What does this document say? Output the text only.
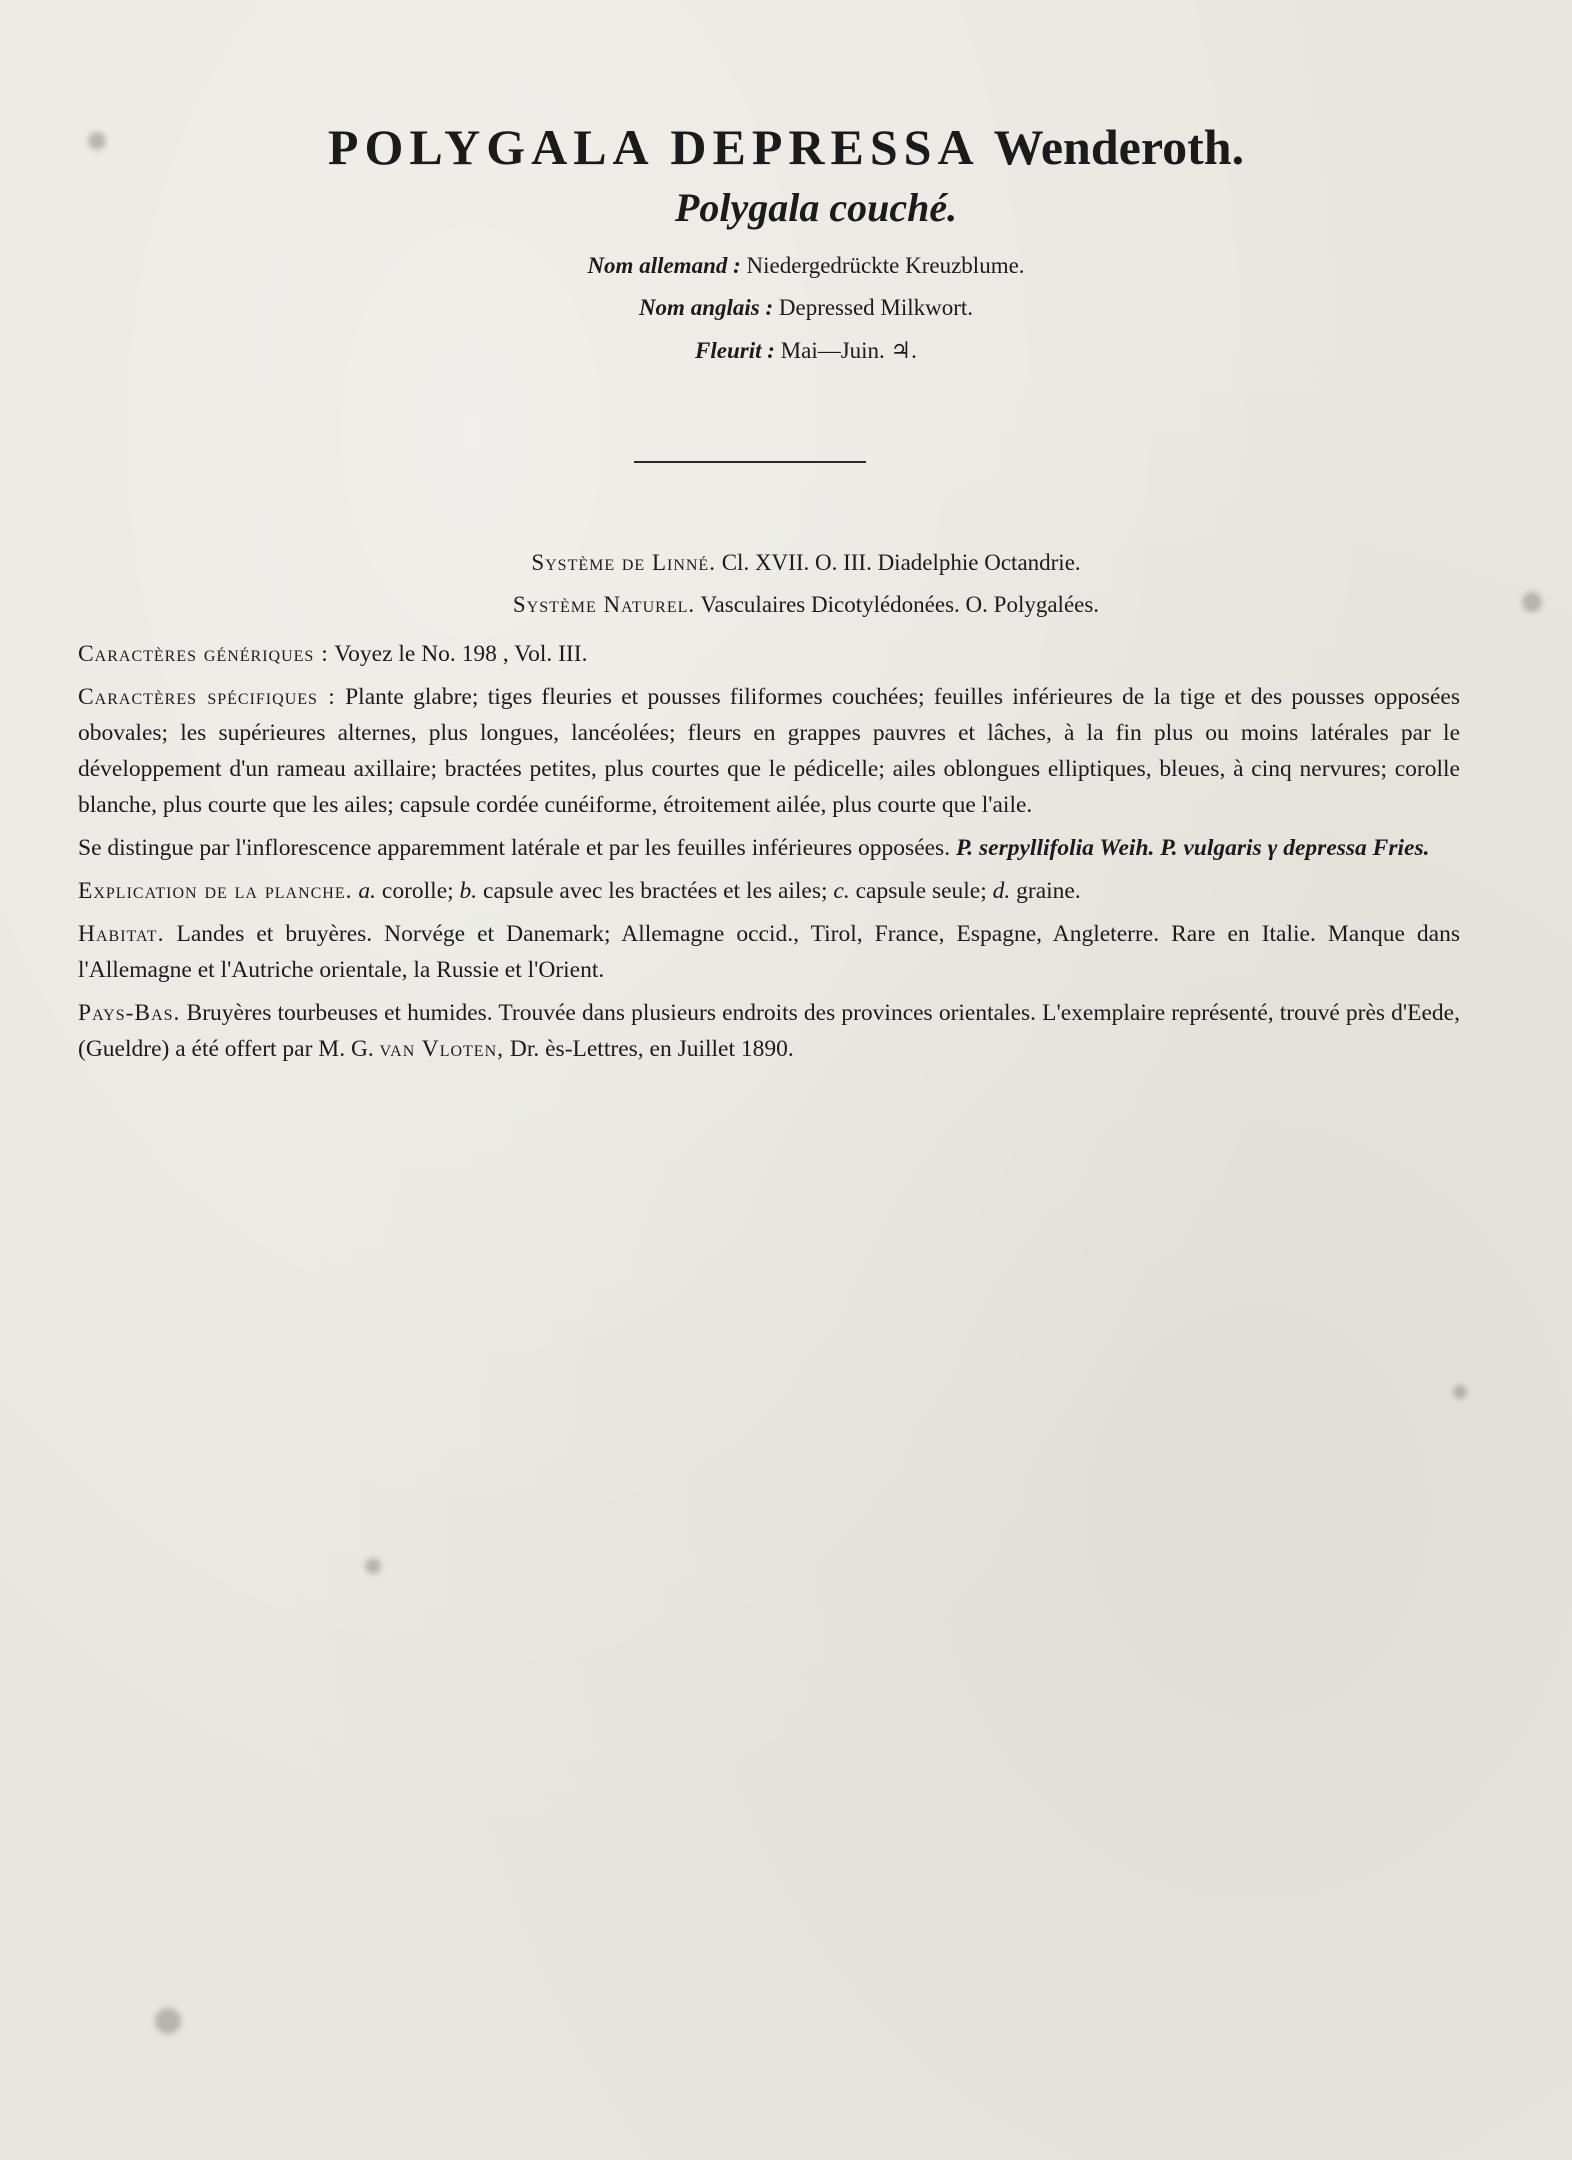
POLYGALA DEPRESSA Wenderoth.
Polygala couché.
Nom allemand : Niedergedrückte Kreuzblume.
Nom anglais : Depressed Milkwort.
Fleurit : Mai—Juin. ♃.
Système de Linné. Cl. XVII. O. III. Diadelphie Octandrie.
Système Naturel. Vasculaires Dicotylédonées. O. Polygalées.

Caractères génériques : Voyez le No. 198 , Vol. III.

Caractères spécifiques : Plante glabre; tiges fleuries et pousses filiformes couchées; feuilles inférieures de la tige et des pousses opposées obovales; les supérieures alternes, plus longues, lancéolées; fleurs en grappes pauvres et lâches, à la fin plus ou moins latérales par le développement d'un rameau axillaire; bractées petites, plus courtes que le pédicelle; ailes oblongues elliptiques, bleues, à cinq nervures; corolle blanche, plus courte que les ailes; capsule cordée cunéiforme, étroitement ailée, plus courte que l'aile.

Se distingue par l'inflorescence apparemment latérale et par les feuilles inférieures opposées. P. serpyllifolia Weih. P. vulgaris γ depressa Fries.

Explication de la planche. a. corolle; b. capsule avec les bractées et les ailes; c. capsule seule; d. graine.

Habitat. Landes et bruyères. Norvége et Danemark; Allemagne occid., Tirol, France, Espagne, Angleterre. Rare en Italie. Manque dans l'Allemagne et l'Autriche orientale, la Russie et l'Orient.

Pays-Bas. Bruyères tourbeuses et humides. Trouvée dans plusieurs endroits des provinces orientales. L'exemplaire représenté, trouvé près d'Eede, (Gueldre) a été offert par M. G. van Vloten, Dr. ès-Lettres, en Juillet 1890.
